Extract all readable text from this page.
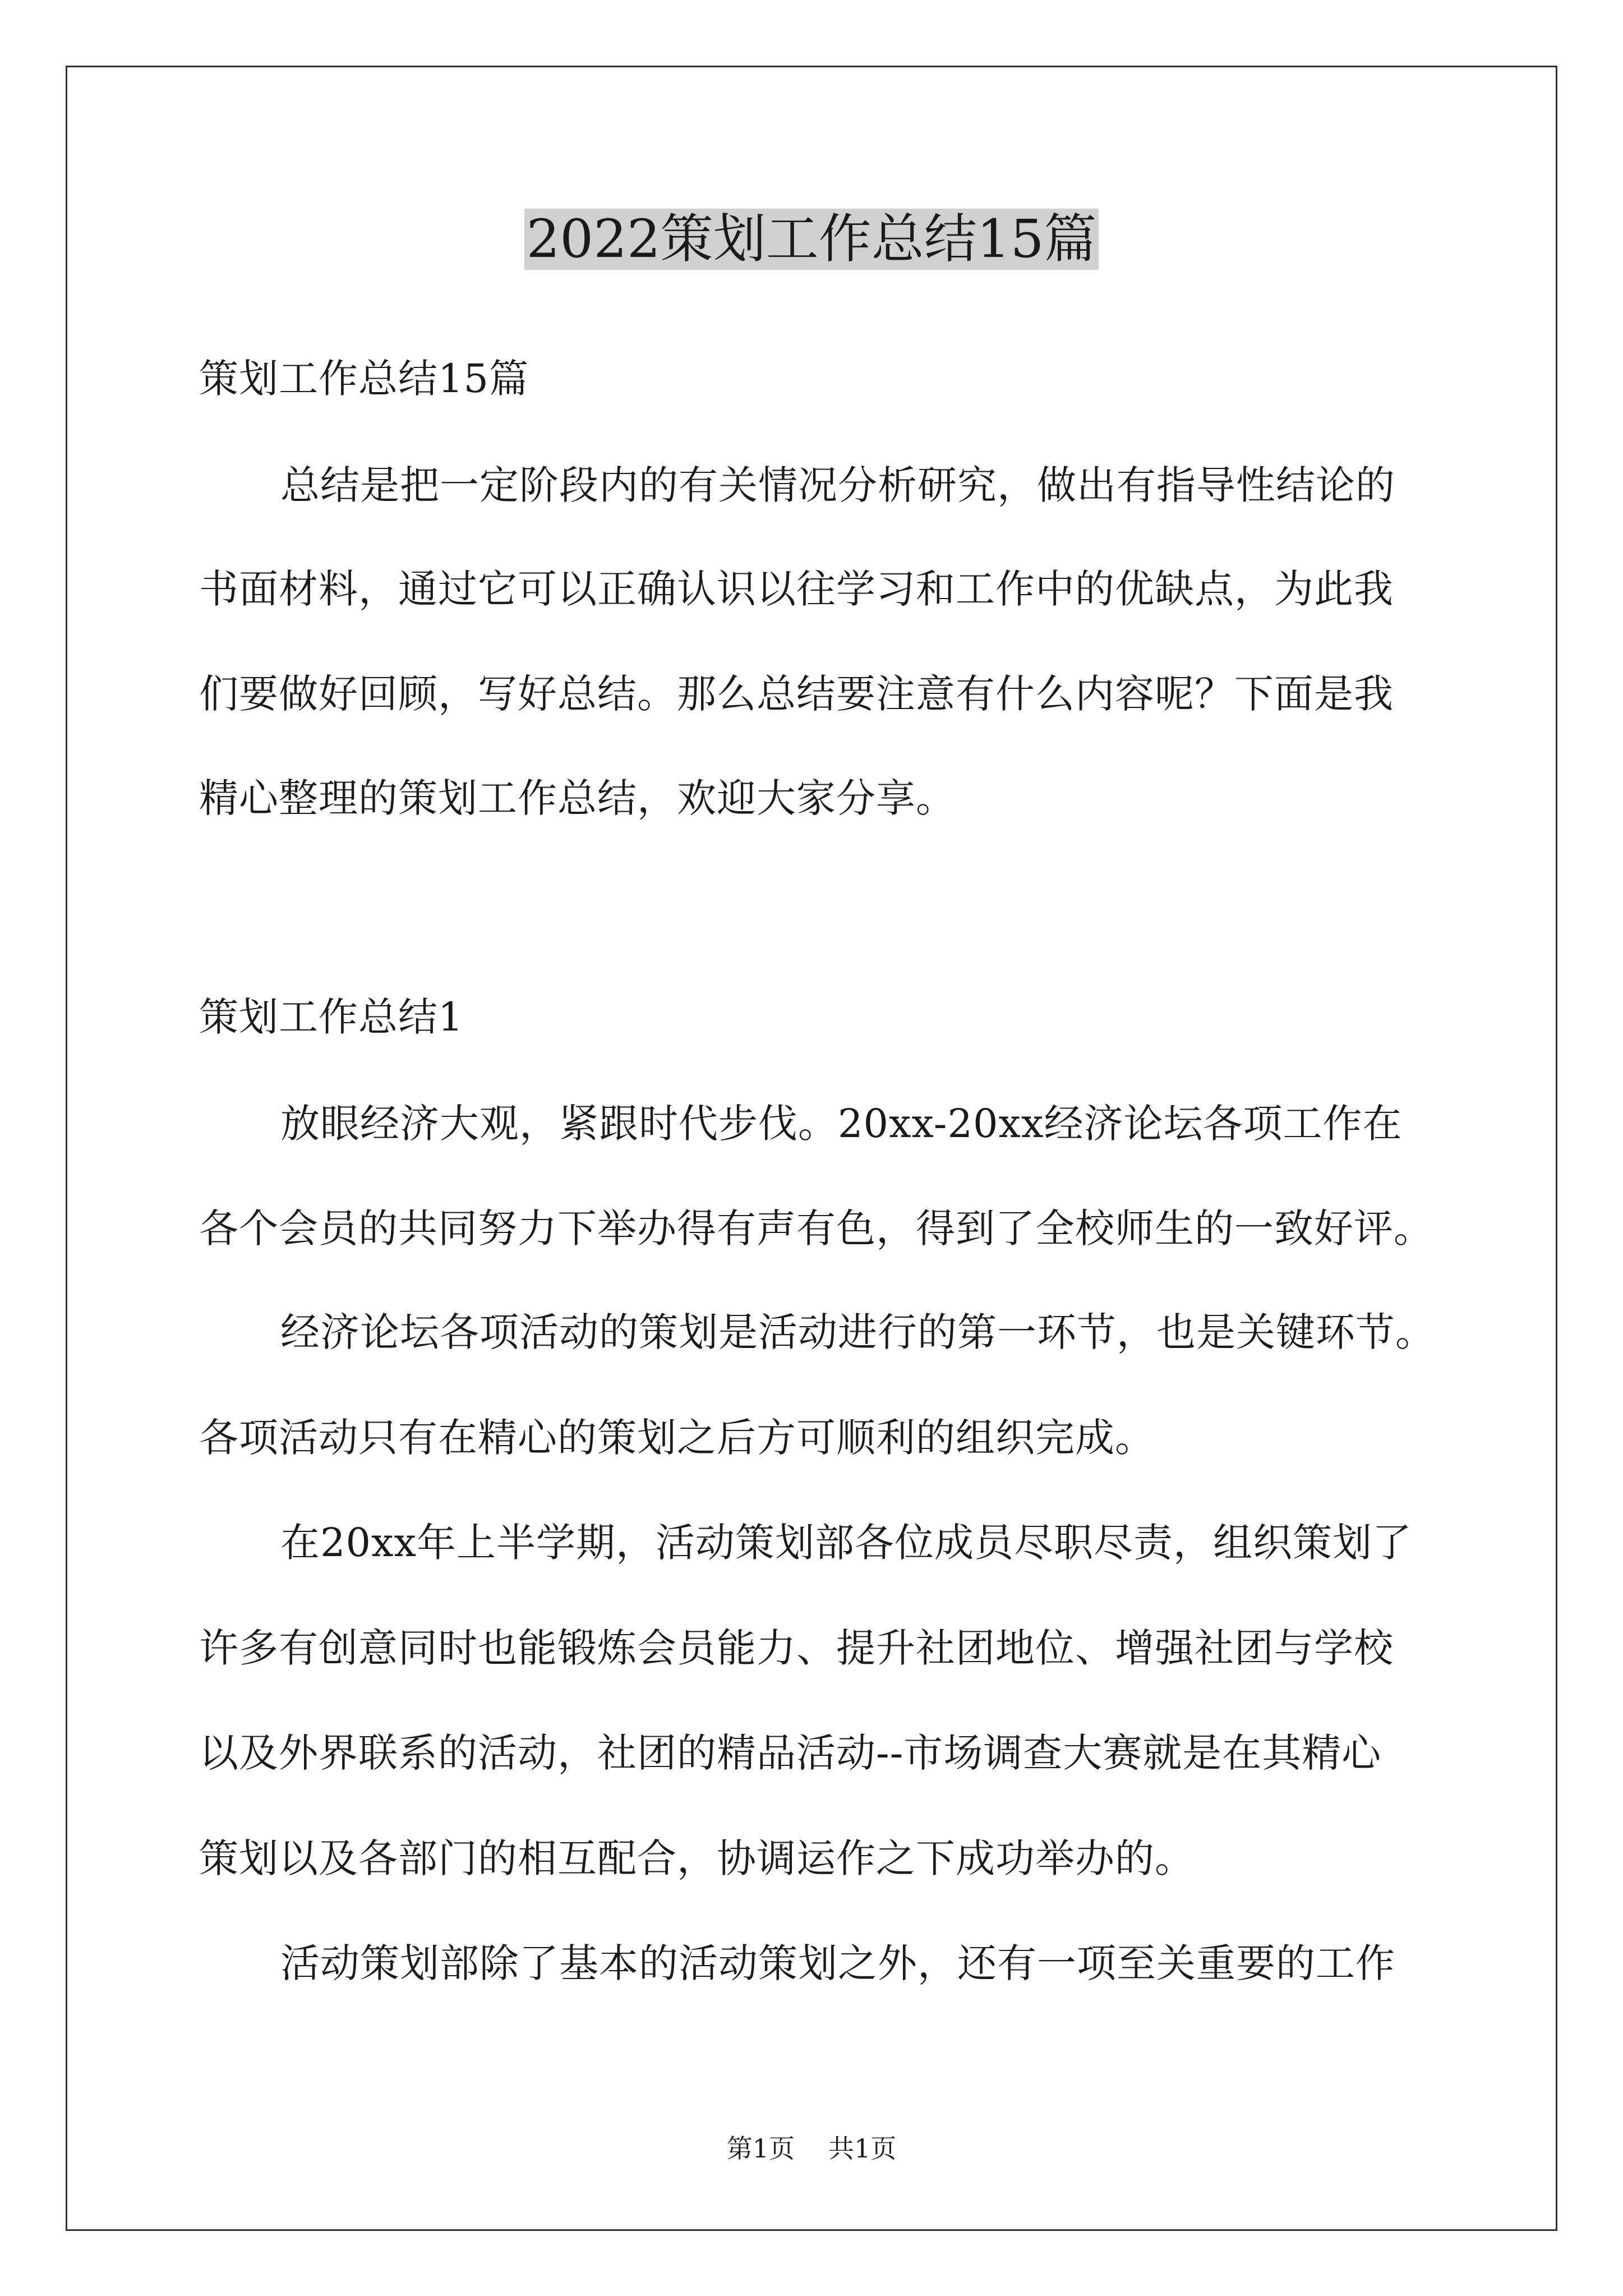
2022策划工作总结15篇
策划工作总结15篇
总结是把一定阶段内的有关情况分析研究，做出有指导性结论的
书面材料，通过它可以正确认识以往学习和工作中的优缺点，为此我
们要做好回顾，写好总结。那么总结要注意有什么内容呢？下面是我
精心整理的策划工作总结，欢迎大家分享。
策划工作总结1
放眼经济大观，紧跟时代步伐。20xx-20xx经济论坛各项工作在
各个会员的共同努力下举办得有声有色，得到了全校师生的一致好评。
经济论坛各项活动的策划是活动进行的第一环节，也是关键环节。
各项活动只有在精心的策划之后方可顺利的组织完成。
在20xx年上半学期，活动策划部各位成员尽职尽责，组织策划了
许多有创意同时也能锻炼会员能力、提升社团地位、增强社团与学校
以及外界联系的活动，社团的精品活动--市场调查大赛就是在其精心
策划以及各部门的相互配合，协调运作之下成功举办的。
活动策划部除了基本的活动策划之外，还有一项至关重要的工作
第1页 共1页
